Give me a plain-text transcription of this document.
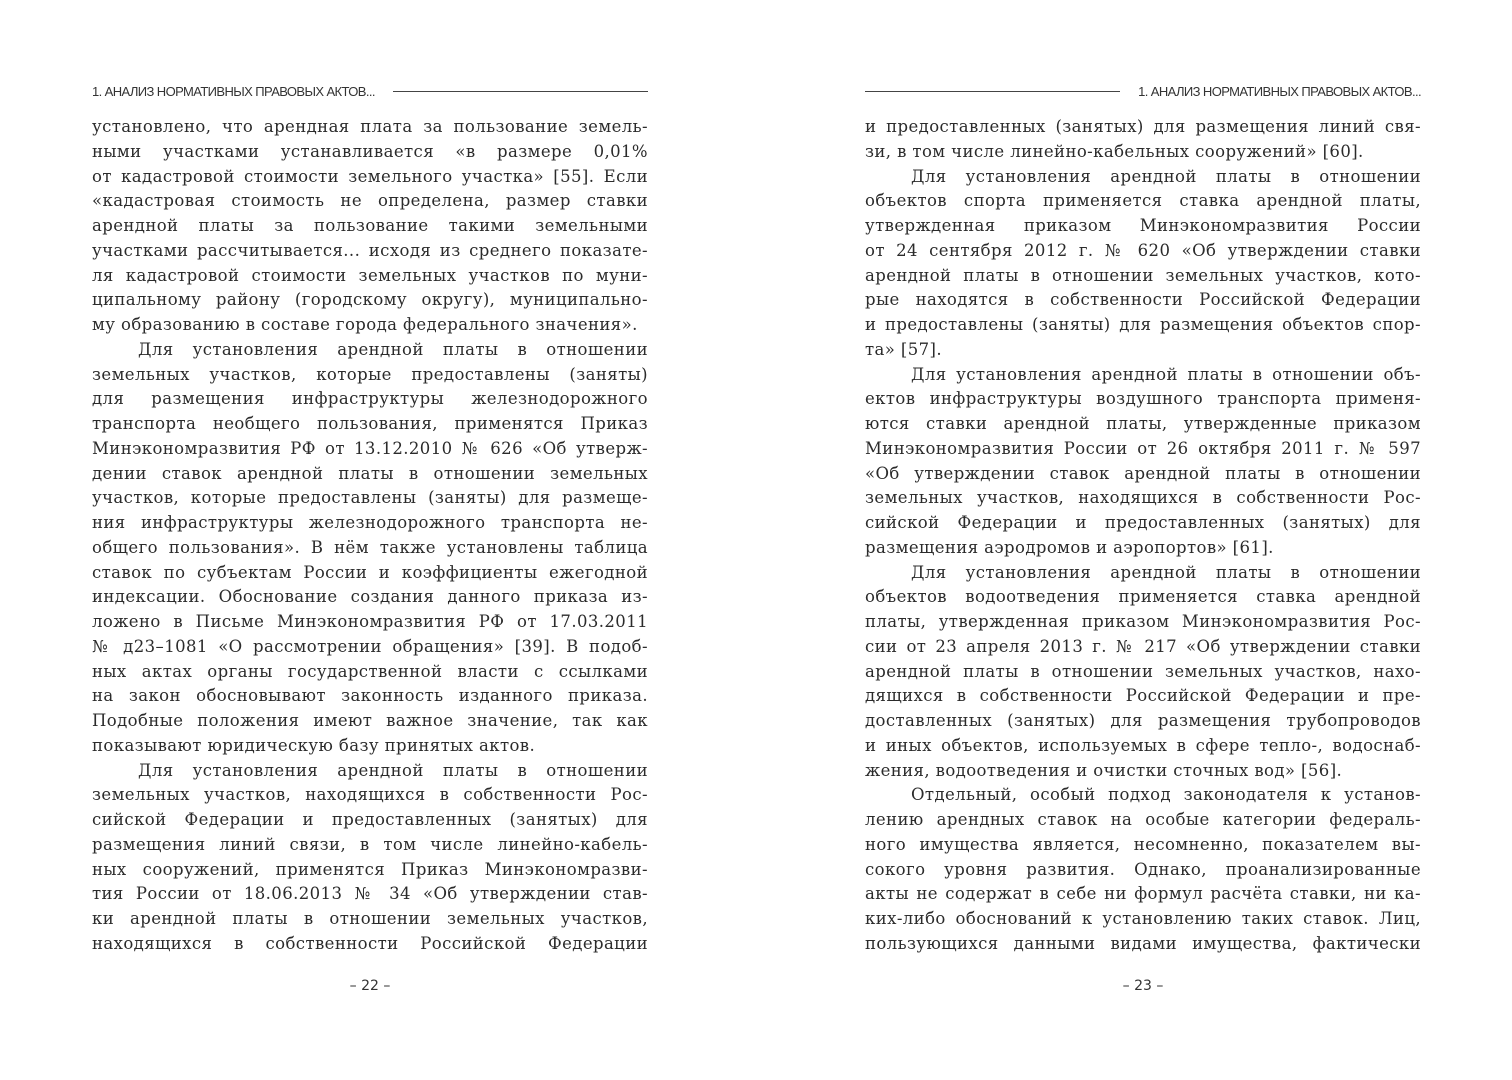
1. АНАЛИЗ НОРМАТИВНЫХ ПРАВОВЫХ АКТОВ...
установлено, что арендная плата за пользование земель-
ными участками устанавливается «в размере 0,01%
от кадастровой стоимости земельного участка» [55]. Если
«кадастровая стоимость не определена, размер ставки
арендной платы за пользование такими земельными
участками рассчитывается... исходя из среднего показате-
ля кадастровой стоимости земельных участков по муни-
ципальному району (городскому округу), муниципально-
му образованию в составе города федерального значения».
Для установления арендной платы в отношении
земельных участков, которые предоставлены (заняты)
для размещения инфраструктуры железнодорожного
транспорта необщего пользования, применятся Приказ
Минэкономразвития РФ от 13.12.2010 № 626 «Об утверж-
дении ставок арендной платы в отношении земельных
участков, которые предоставлены (заняты) для размеще-
ния инфраструктуры железнодорожного транспорта не-
общего пользования». В нём также установлены таблица
ставок по субъектам России и коэффициенты ежегодной
индексации. Обоснование создания данного приказа из-
ложено в Письме Минэкономразвития РФ от 17.03.2011
№ д23–1081 «О рассмотрении обращения» [39]. В подоб-
ных актах органы государственной власти с ссылками
на закон обосновывают законность изданного приказа.
Подобные положения имеют важное значение, так как
показывают юридическую базу принятых актов.
Для установления арендной платы в отношении
земельных участков, находящихся в собственности Рос-
сийской Федерации и предоставленных (занятых) для
размещения линий связи, в том числе линейно-кабель-
ных сооружений, применятся Приказ Минэкономразви-
тия России от 18.06.2013 № 34 «Об утверждении став-
ки арендной платы в отношении земельных участков,
находящихся в собственности Российской Федерации
– 22 –
1. АНАЛИЗ НОРМАТИВНЫХ ПРАВОВЫХ АКТОВ...
и предоставленных (занятых) для размещения линий свя-
зи, в том числе линейно-кабельных сооружений» [60].
Для установления арендной платы в отношении
объектов спорта применяется ставка арендной платы,
утвержденная приказом Минэкономразвития России
от 24 сентября 2012 г. № 620 «Об утверждении ставки
арендной платы в отношении земельных участков, кото-
рые находятся в собственности Российской Федерации
и предоставлены (заняты) для размещения объектов спор-
та» [57].
Для установления арендной платы в отношении объ-
ектов инфраструктуры воздушного транспорта применя-
ются ставки арендной платы, утвержденные приказом
Минэкономразвития России от 26 октября 2011 г. № 597
«Об утверждении ставок арендной платы в отношении
земельных участков, находящихся в собственности Рос-
сийской Федерации и предоставленных (занятых) для
размещения аэродромов и аэропортов» [61].
Для установления арендной платы в отношении
объектов водоотведения применяется ставка арендной
платы, утвержденная приказом Минэкономразвития Рос-
сии от 23 апреля 2013 г. № 217 «Об утверждении ставки
арендной платы в отношении земельных участков, нахо-
дящихся в собственности Российской Федерации и пре-
доставленных (занятых) для размещения трубопроводов
и иных объектов, используемых в сфере тепло-, водоснаб-
жения, водоотведения и очистки сточных вод» [56].
Отдельный, особый подход законодателя к установ-
лению арендных ставок на особые категории федераль-
ного имущества является, несомненно, показателем вы-
сокого уровня развития. Однако, проанализированные
акты не содержат в себе ни формул расчёта ставки, ни ка-
ких-либо обоснований к установлению таких ставок. Лиц,
пользующихся данными видами имущества, фактически
– 23 –
